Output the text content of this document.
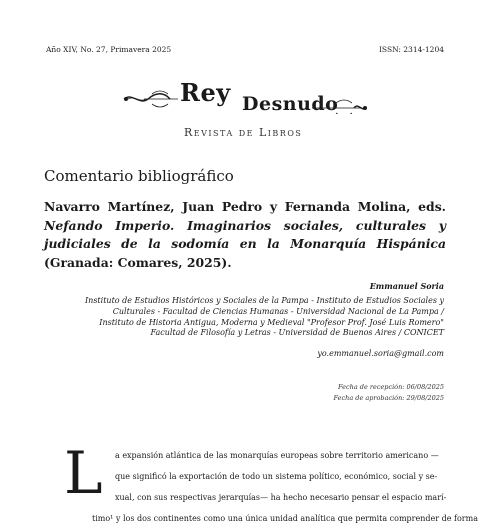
Año XIV, No. 27, Primavera 2025	ISSN: 2314-1204
Rey Desnudo
Revista de Libros
Comentario bibliográfico
Navarro Martínez, Juan Pedro y Fernanda Molina, eds. Nefando Imperio. Imaginarios sociales, culturales y judiciales de la sodomía en la Monarquía Hispánica (Granada: Comares, 2025).
Emmanuel Soria
Instituto de Estudios Históricos y Sociales de la Pampa - Instituto de Estudios Sociales y
Culturales - Facultad de Ciencias Humanas - Universidad Nacional de La Pampa /
Instituto de Historia Antigua, Moderna y Medieval "Profesor Prof. José Luis Romero"
Facultad de Filosofía y Letras - Universidad de Buenos Aires / CONICET
yo.emmanuel.soria@gmail.com
Fecha de recepción: 06/08/2025
Fecha de aprobación: 29/08/2025
L a expansión atlántica de las monarquías europeas sobre territorio americano —
que significó la exportación de todo un sistema político, económico, social y se-
xual, con sus respectivas jerarquías— ha hecho necesario pensar el espacio marí-
timo¹ y los dos continentes como una única unidad analítica que permita comprender de forma
